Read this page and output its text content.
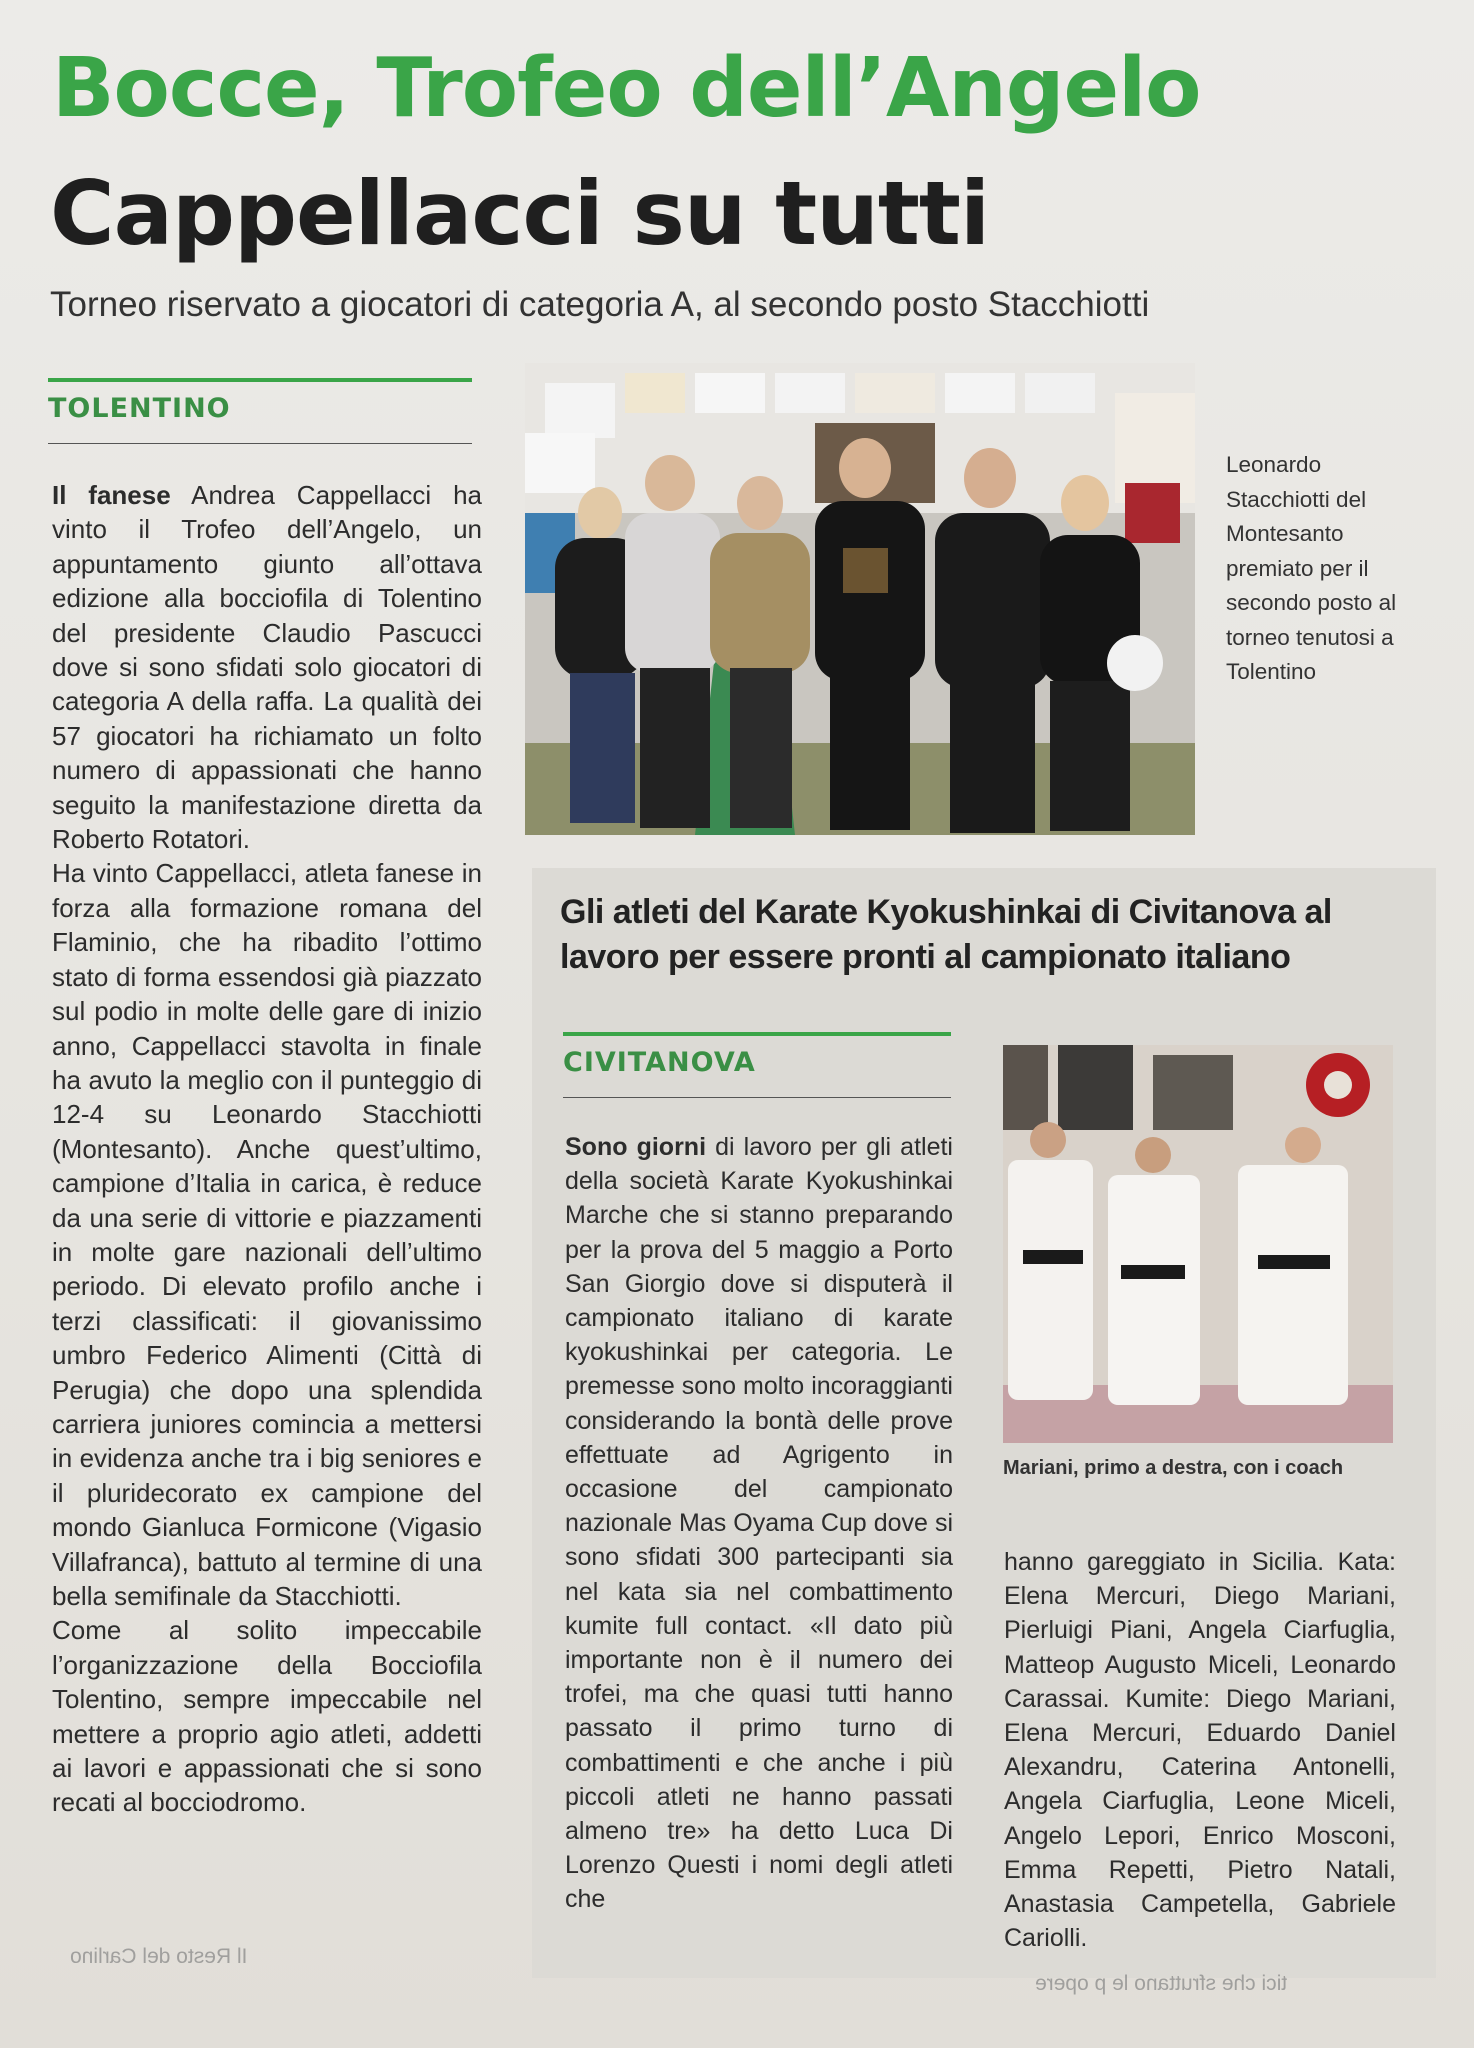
Bocce, Trofeo dell’Angelo
Cappellacci su tutti

Torneo riservato a giocatori di categoria A, al secondo posto Stacchiotti

TOLENTINO

Il fanese Andrea Cappellacci ha vinto il Trofeo dell’Angelo, un appuntamento giunto all’ottava edizione alla bocciofila di Tolentino del presidente Claudio Pascucci dove si sono sfidati solo giocatori di categoria A della raffa. La qualità dei 57 giocatori ha richiamato un folto numero di appassionati che hanno seguito la manifestazione diretta da Roberto Rotatori.

Ha vinto Cappellacci, atleta fanese in forza alla formazione romana del Flaminio, che ha ribadito l’ottimo stato di forma essendosi già piazzato sul podio in molte delle gare di inizio anno, Cappellacci stavolta in finale ha avuto la meglio con il punteggio di 12-4 su Leonardo Stacchiotti (Montesanto). Anche quest’ultimo, campione d’Italia in carica, è reduce da una serie di vittorie e piazzamenti in molte gare nazionali dell’ultimo periodo. Di elevato profilo anche i terzi classificati: il giovanissimo umbro Federico Alimenti (Città di Perugia) che dopo una splendida carriera juniores comincia a mettersi in evidenza anche tra i big seniores e il pluridecorato ex campione del mondo Gianluca Formicone (Vigasio Villafranca), battuto al termine di una bella semifinale da Stacchiotti.

Come al solito impeccabile l’organizzazione della Bocciofila Tolentino, sempre impeccabile nel mettere a proprio agio atleti, addetti ai lavori e appassionati che si sono recati al bocciodromo.

Leonardo Stacchiotti del Montesanto premiato per il secondo posto al torneo tenutosi a Tolentino

Gli atleti del Karate Kyokushinkai di Civitanova al lavoro per essere pronti al campionato italiano

CIVITANOVA

Sono giorni di lavoro per gli atleti della società Karate Kyokushinkai Marche che si stanno preparando per la prova del 5 maggio a Porto San Giorgio dove si disputerà il campionato italiano di karate kyokushinkai per categoria. Le premesse sono molto incoraggianti considerando la bontà delle prove effettuate ad Agrigento in occasione del campionato nazionale Mas Oyama Cup dove si sono sfidati 300 partecipanti sia nel kata sia nel combattimento kumite full contact. «Il dato più importante non è il numero dei trofei, ma che quasi tutti hanno passato il primo turno di combattimenti e che anche i più piccoli atleti ne hanno passati almeno tre» ha detto Luca Di Lorenzo Questi i nomi degli atleti che

hanno gareggiato in Sicilia. Kata: Elena Mercuri, Diego Mariani, Pierluigi Piani, Angela Ciarfuglia, Matteop Augusto Miceli, Leonardo Carassai. Kumite: Diego Mariani, Elena Mercuri, Eduardo Daniel Alexandru, Caterina Antonelli, Angela Ciarfuglia, Leone Miceli, Angelo Lepori, Enrico Mosconi, Emma Repetti, Pietro Natali, Anastasia Campetella, Gabriele Cariolli.

Mariani, primo a destra, con i coach

Il Resto del Carlino

tici che sfruttano le p opere
